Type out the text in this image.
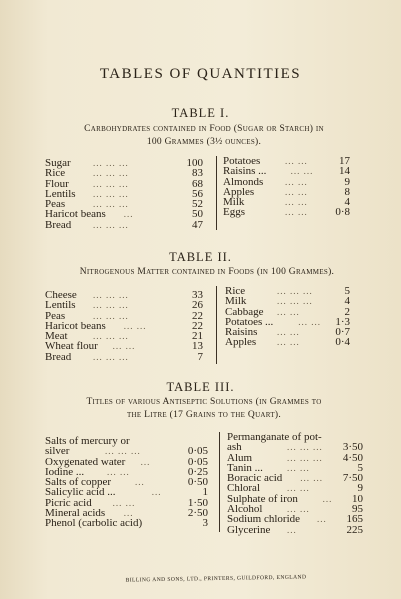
TABLES OF QUANTITIES
TABLE I.
Carbohydrates contained in Food (Sugar or Starch) in
100 Grammes (3½ ounces).
Sugar ... ... ...	100
Rice	... ... ...	83
Flour	... ... ...	68
Lentils ... ... ...	56
Peas	... ... ...	52
Haricot beans ...	50
Bread ... ... ...	47
Potatoes	... ...	17
Raisins ...	... ... 14
Almonds ... ...	9
Apples	... ...	8
Milk	... ...	4
Eggs	... ...	0·8
TABLE II.
Nitrogenous Matter contained in Foods (in 100 Grammes).
Cheese ... ... ...	33
Lentils ... ... ...	26
Peas	... ... ...	22
Haricot beans ... ...	22
Meat	... ... ...	21
Wheat flour ... ...	13
Bread ... ... ...	7
Rice	... ... ...	5
Milk	... ... ...	4
Cabbage ... ...	2
Potatoes ...	... ... 1·3
Raisins ... ...	0·7
Apples ... ...	0·4
TABLE III.
Titles of various Antiseptic Solutions (in Grammes to
the Litre (17 Grains to the Quart).
Salts of mercury or
silver	... ... ...	0·05
Oxygenated water ...	0·05
Iodine ...	... ...	0·25
Salts of copper	...	0·50
Salicylic acid ...	...	1
Picric acid ... ...	1·50
Mineral acids ...	2·50
Phenol (carbolic acid)	3
Permanganate of pot-
ash	... ... ... 3·50
Alum	... ... ... 4·50
Tanin ...	... ...	5
Boracic acid ... ... 7·50
Chloral	... ...	9
Sulphate of iron	... 10
Alcohol	... ...	95
Sodium chloride ... 165
Glycerine ...	225
BILLING AND SONS, LTD., PRINTERS, GUILDFORD, ENGLAND
